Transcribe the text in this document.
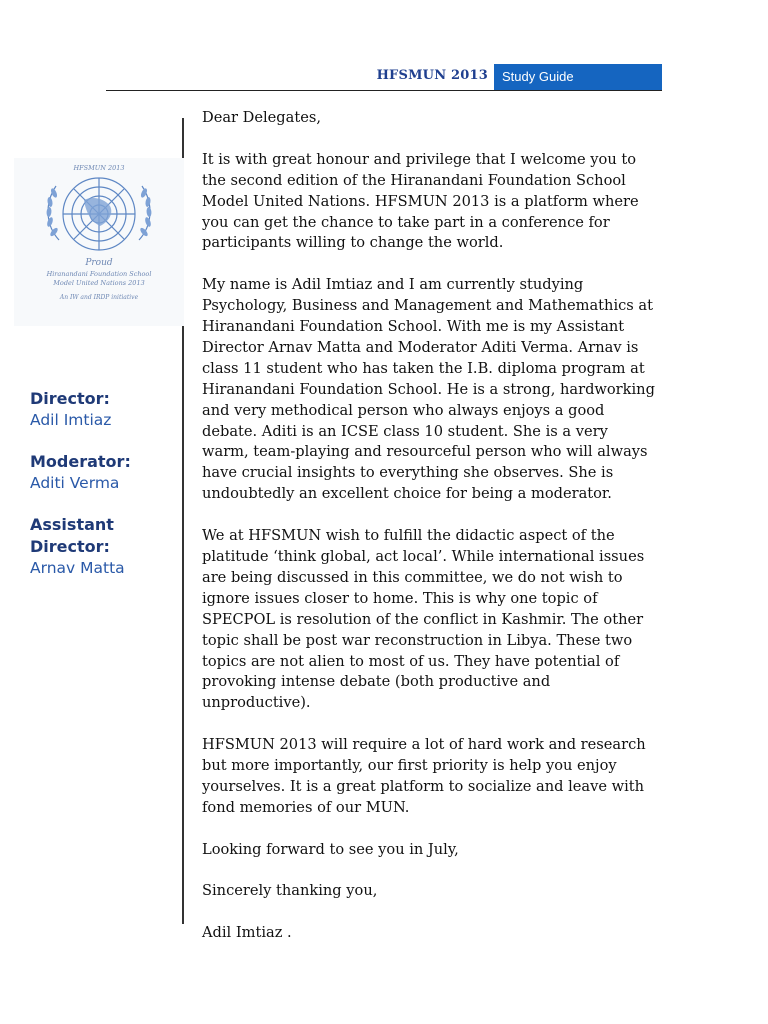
HFSMUN 2013	Study Guide
HFSMUN 2013
Proud
Hiranandani Foundation School
Model United Nations 2013
An IW and IRDP initiative
Director:
Adil Imtiaz
Moderator:
Aditi Verma
Assistant
Director:
Arnav Matta

Dear Delegates,

It is with great honour and privilege that I welcome you to the second edition of the Hiranandani Foundation School Model United Nations. HFSMUN 2013 is a platform where you can get the chance to take part in a conference for participants willing to change the world.

My name is Adil Imtiaz and I am currently studying Psychology, Business and Management and Mathemathics at Hiranandani Foundation School. With me is my Assistant Director Arnav Matta and Moderator Aditi Verma. Arnav is class 11 student who has taken the I.B. diploma program at Hiranandani Foundation School. He is a strong, hardworking and very methodical person who always enjoys a good debate. Aditi is an ICSE class 10 student. She is a very warm, team-playing and resourceful person who will always have crucial insights to everything she observes. She is undoubtedly an excellent choice for being a moderator.

We at HFSMUN wish to fulfill the didactic aspect of the platitude ‘think global, act local’. While international issues are being discussed in this committee, we do not wish to ignore issues closer to home. This is why one topic of SPECPOL is resolution of the conflict in Kashmir. The other topic shall be post war reconstruction in Libya. These two topics are not alien to most of us. They have potential of provoking intense debate (both productive and unproductive).

HFSMUN 2013 will require a lot of hard work and research but more importantly, our first priority is help you enjoy yourselves. It is a great platform to socialize and leave with fond memories of our MUN.

Looking forward to see you in July,

Sincerely thanking you,

Adil Imtiaz .
